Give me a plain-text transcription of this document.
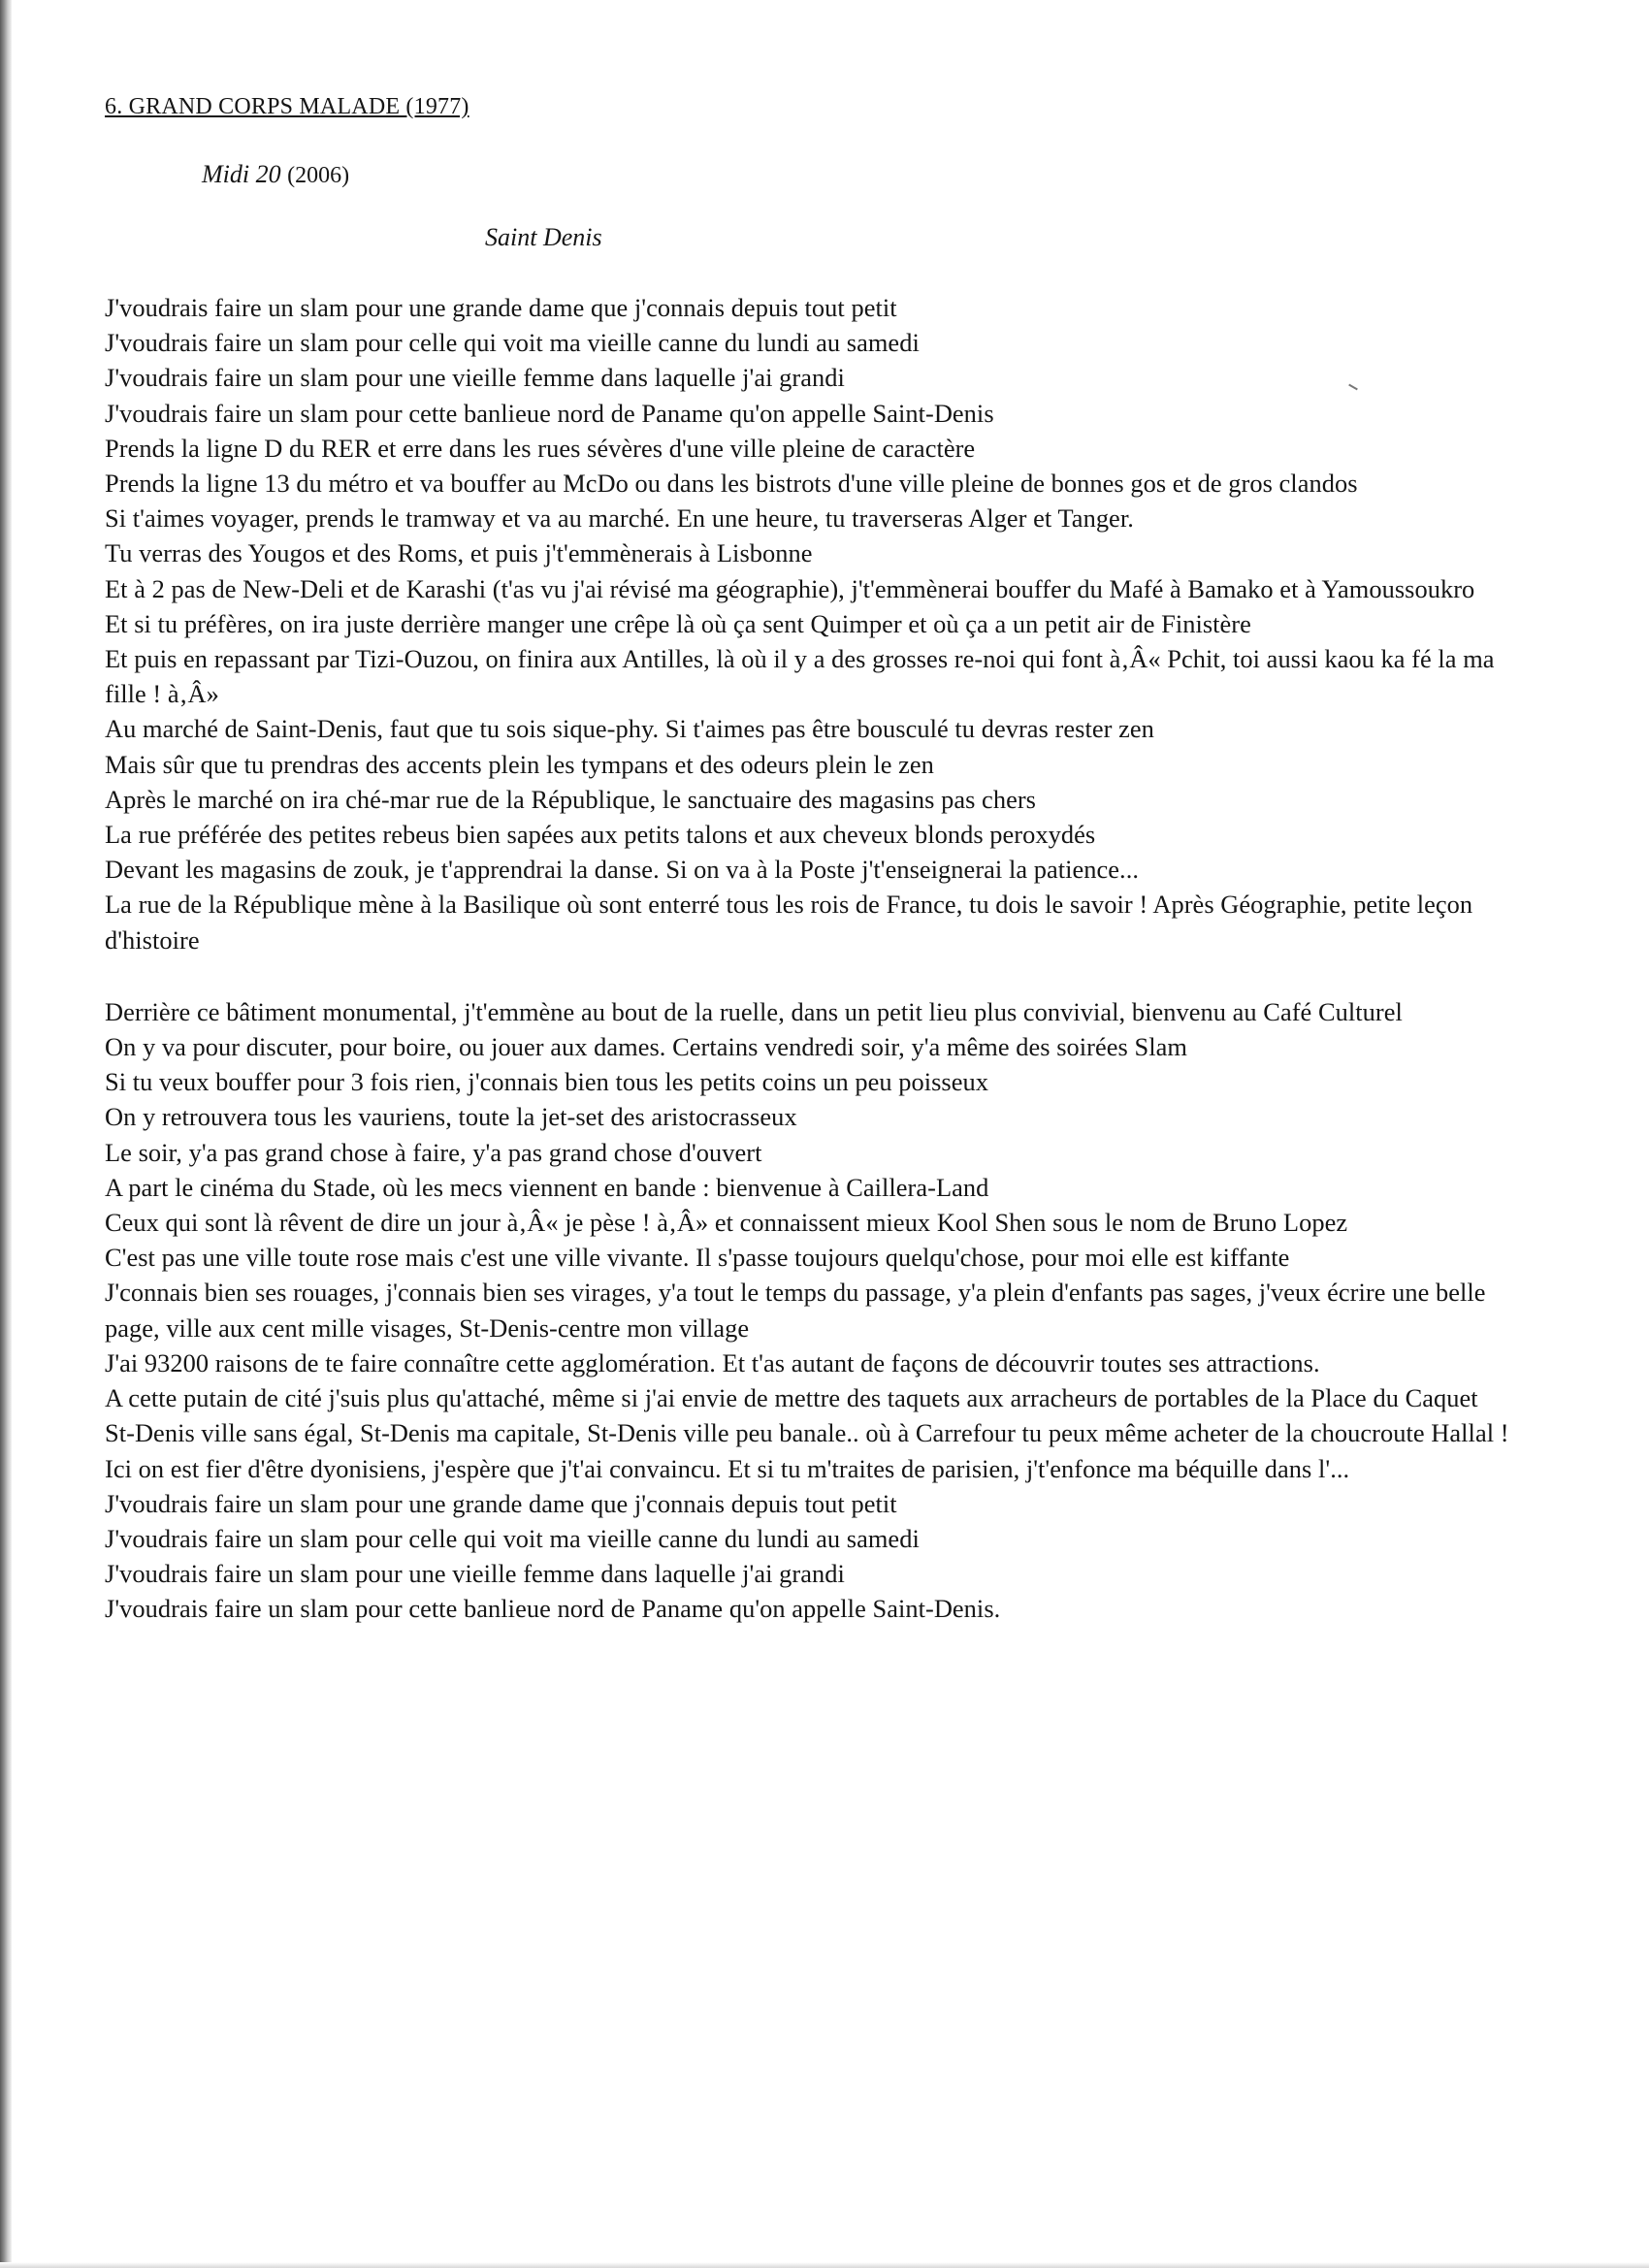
6. GRAND CORPS MALADE (1977)

Midi 20 (2006)

Saint Denis

J'voudrais faire un slam pour une grande dame que j'connais depuis tout petit
J'voudrais faire un slam pour celle qui voit ma vieille canne du lundi au samedi
J'voudrais faire un slam pour une vieille femme dans laquelle j'ai grandi
J'voudrais faire un slam pour cette banlieue nord de Paname qu'on appelle Saint-Denis
Prends la ligne D du RER et erre dans les rues sévères d'une ville pleine de caractère
Prends la ligne 13 du métro et va bouffer au McDo ou dans les bistrots d'une ville pleine de bonnes gos et de gros clandos
Si t'aimes voyager, prends le tramway et va au marché. En une heure, tu traverseras Alger et Tanger.
Tu verras des Yougos et des Roms, et puis j't'emmènerais à Lisbonne
Et à 2 pas de New-Deli et de Karashi (t'as vu j'ai révisé ma géographie), j't'emmènerai bouffer du Mafé à Bamako et à Yamoussoukro
Et si tu préfères, on ira juste derrière manger une crêpe là où ça sent Quimper et où ça a un petit air de Finistère
Et puis en repassant par Tizi-Ouzou, on finira aux Antilles, là où il y a des grosses re-noi qui font à‚Â« Pchit, toi aussi kaou ka fé la ma fille ! à‚Â»
Au marché de Saint-Denis, faut que tu sois sique-phy. Si t'aimes pas être bousculé tu devras rester zen
Mais sûr que tu prendras des accents plein les tympans et des odeurs plein le zen
Après le marché on ira ché-mar rue de la République, le sanctuaire des magasins pas chers
La rue préférée des petites rebeus bien sapées aux petits talons et aux cheveux blonds peroxydés
Devant les magasins de zouk, je t'apprendrai la danse. Si on va à la Poste j't'enseignerai la patience...
La rue de la République mène à la Basilique où sont enterré tous les rois de France, tu dois le savoir ! Après Géographie, petite leçon d'histoire
Derrière ce bâtiment monumental, j't'emmène au bout de la ruelle, dans un petit lieu plus convivial, bienvenu au Café Culturel
On y va pour discuter, pour boire, ou jouer aux dames. Certains vendredi soir, y'a même des soirées Slam
Si tu veux bouffer pour 3 fois rien, j'connais bien tous les petits coins un peu poisseux
On y retrouvera tous les vauriens, toute la jet-set des aristocrasseux
Le soir, y'a pas grand chose à faire, y'a pas grand chose d'ouvert
A part le cinéma du Stade, où les mecs viennent en bande : bienvenue à Caillera-Land
Ceux qui sont là rêvent de dire un jour à‚Â« je pèse ! à‚Â» et connaissent mieux Kool Shen sous le nom de Bruno Lopez
C'est pas une ville toute rose mais c'est une ville vivante. Il s'passe toujours quelqu'chose, pour moi elle est kiffante
J'connais bien ses rouages, j'connais bien ses virages, y'a tout le temps du passage, y'a plein d'enfants pas sages, j'veux écrire une belle page, ville aux cent mille visages, St-Denis-centre mon village
J'ai 93200 raisons de te faire connaître cette agglomération. Et t'as autant de façons de découvrir toutes ses attractions.
A cette putain de cité j'suis plus qu'attaché, même si j'ai envie de mettre des taquets aux arracheurs de portables de la Place du Caquet
St-Denis ville sans égal, St-Denis ma capitale, St-Denis ville peu banale.. où à Carrefour tu peux même acheter de la choucroute Hallal !
Ici on est fier d'être dyonisiens, j'espère que j't'ai convaincu. Et si tu m'traites de parisien, j't'enfonce ma béquille dans l'...
J'voudrais faire un slam pour une grande dame que j'connais depuis tout petit
J'voudrais faire un slam pour celle qui voit ma vieille canne du lundi au samedi
J'voudrais faire un slam pour une vieille femme dans laquelle j'ai grandi
J'voudrais faire un slam pour cette banlieue nord de Paname qu'on appelle Saint-Denis.
